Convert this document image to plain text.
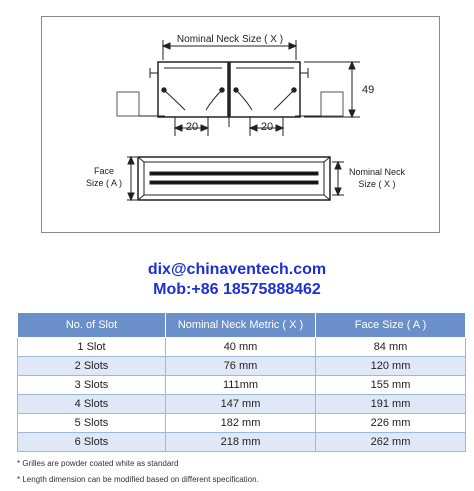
Nominal Neck Size ( X )
49
20	20
Face
Size ( A )
Nominal Neck
Size ( X )
dix@chinaventech.com
Mob:+86 18575888462
No. of Slot	Nominal Neck Metric ( X )	Face Size ( A )
1 Slot	40 mm	84 mm
2 Slots	76 mm	120 mm
3 Slots	111mm	155 mm
4 Slots	147 mm	191 mm
5 Slots	182 mm	226 mm
6 Slots	218 mm	262 mm
* Grilles are powder coated white as standard
* Length dimension can be modified based on different specification.
